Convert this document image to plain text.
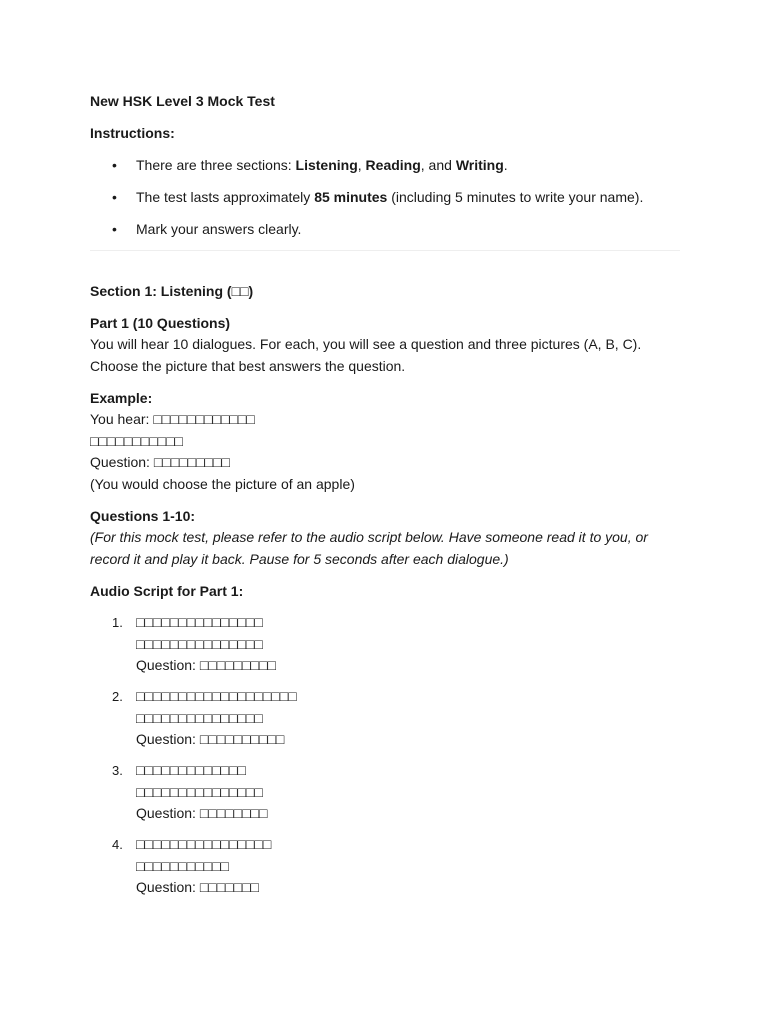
New HSK Level 3 Mock Test
Instructions:
• There are three sections: Listening, Reading, and Writing.
• The test lasts approximately 85 minutes (including 5 minutes to write your name).
• Mark your answers clearly.
Section 1: Listening (□□)
Part 1 (10 Questions)

You will hear 10 dialogues. For each, you will see a question and three pictures (A, B, C). Choose the picture that best answers the question.

Example:

You hear: □□□□□□□□□□□□

□□□□□□□□□□□

Question: □□□□□□□□□

(You would choose the picture of an apple)

Questions 1-10:

(For this mock test, please refer to the audio script below. Have someone read it to you, or record it and play it back. Pause for 5 seconds after each dialogue.)

Audio Script for Part 1:
1. □□□□□□□□□□□□□□□
□□□□□□□□□□□□□□□
Question: □□□□□□□□□
2. □□□□□□□□□□□□□□□□□□□
□□□□□□□□□□□□□□□
Question: □□□□□□□□□□
3. □□□□□□□□□□□□□
□□□□□□□□□□□□□□□
Question: □□□□□□□□
4. □□□□□□□□□□□□□□□□
□□□□□□□□□□□
Question: □□□□□□□
